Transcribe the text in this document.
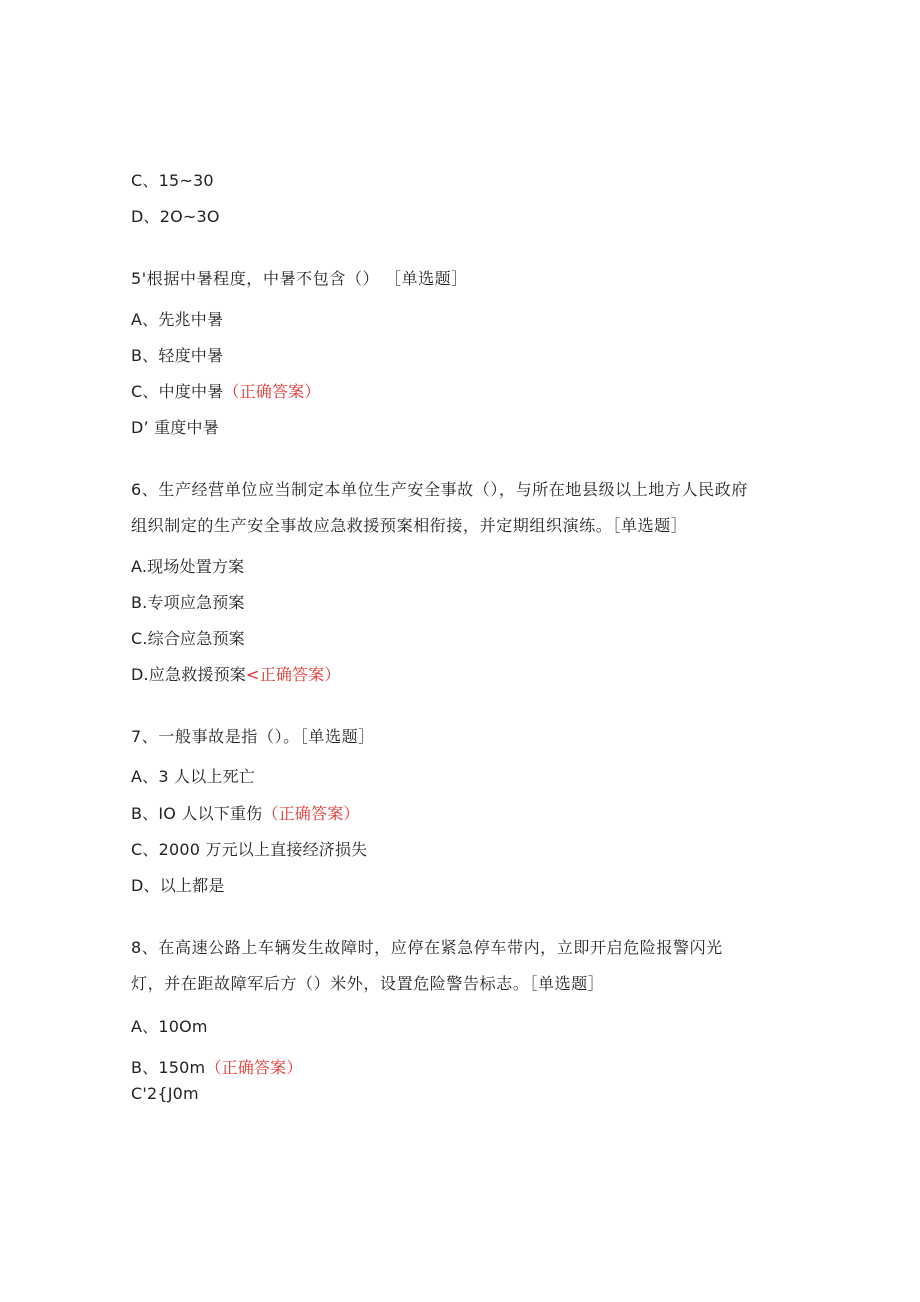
C、15~30
D、2O~3O
5'根据中暑程度，中暑不包含（） ［单选题］
A、先兆中暑
B、轻度中暑
C、中度中暑（正确答案）
D’ 重度中暑
6、生产经营单位应当制定本单位生产安全事故（），与所在地县级以上地方人民政府
组织制定的生产安全事故应急救援预案相衔接，并定期组织演练。［单选题］
A.现场处置方案
B.专项应急预案
C.综合应急预案
D.应急救援预案<正确答案）
7、一般事故是指（）。［单选题］
A、3 人以上死亡
B、IO 人以下重伤（正确答案）
C、2000 万元以上直接经济损失
D、以上都是
8、在高速公路上车辆发生故障时，应停在紧急停车带内，立即开启危险报警闪光
灯，并在距故障军后方（）米外，设置危险警告标志。［单选题］
A、10Om
B、150m（正确答案）
C'2{J0m
